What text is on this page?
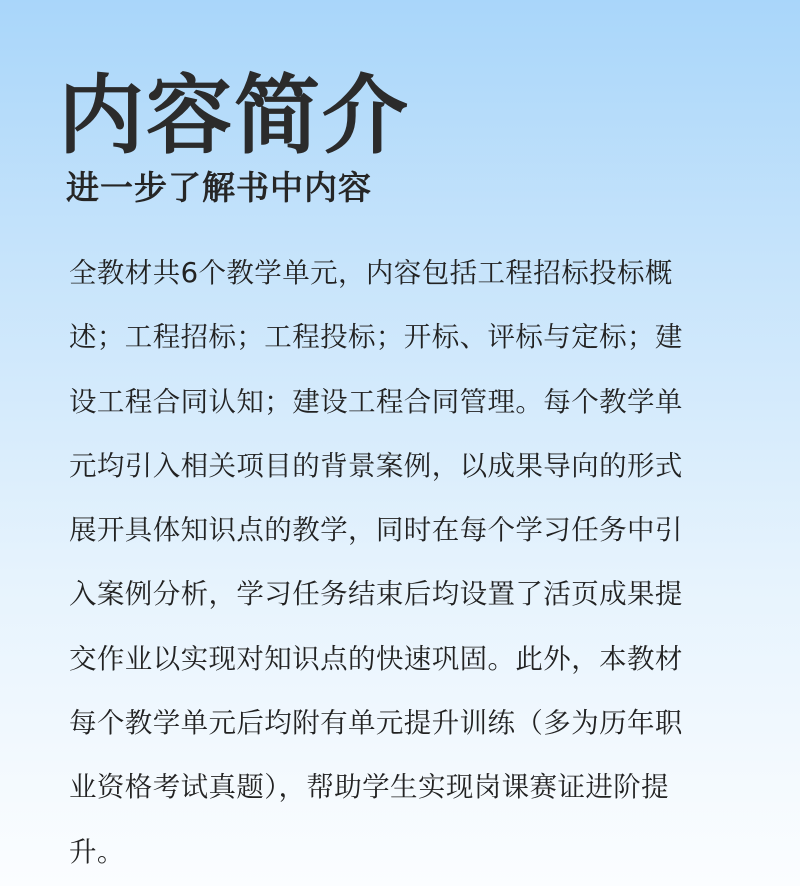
内容简介
进一步了解书中内容
全教材共6个教学单元，内容包括工程招标投标概
述；工程招标；工程投标；开标、评标与定标；建
设工程合同认知；建设工程合同管理。每个教学单
元均引入相关项目的背景案例，以成果导向的形式
展开具体知识点的教学，同时在每个学习任务中引
入案例分析，学习任务结束后均设置了活页成果提
交作业以实现对知识点的快速巩固。此外，本教材
每个教学单元后均附有单元提升训练（多为历年职
业资格考试真题），帮助学生实现岗课赛证进阶提
升。
